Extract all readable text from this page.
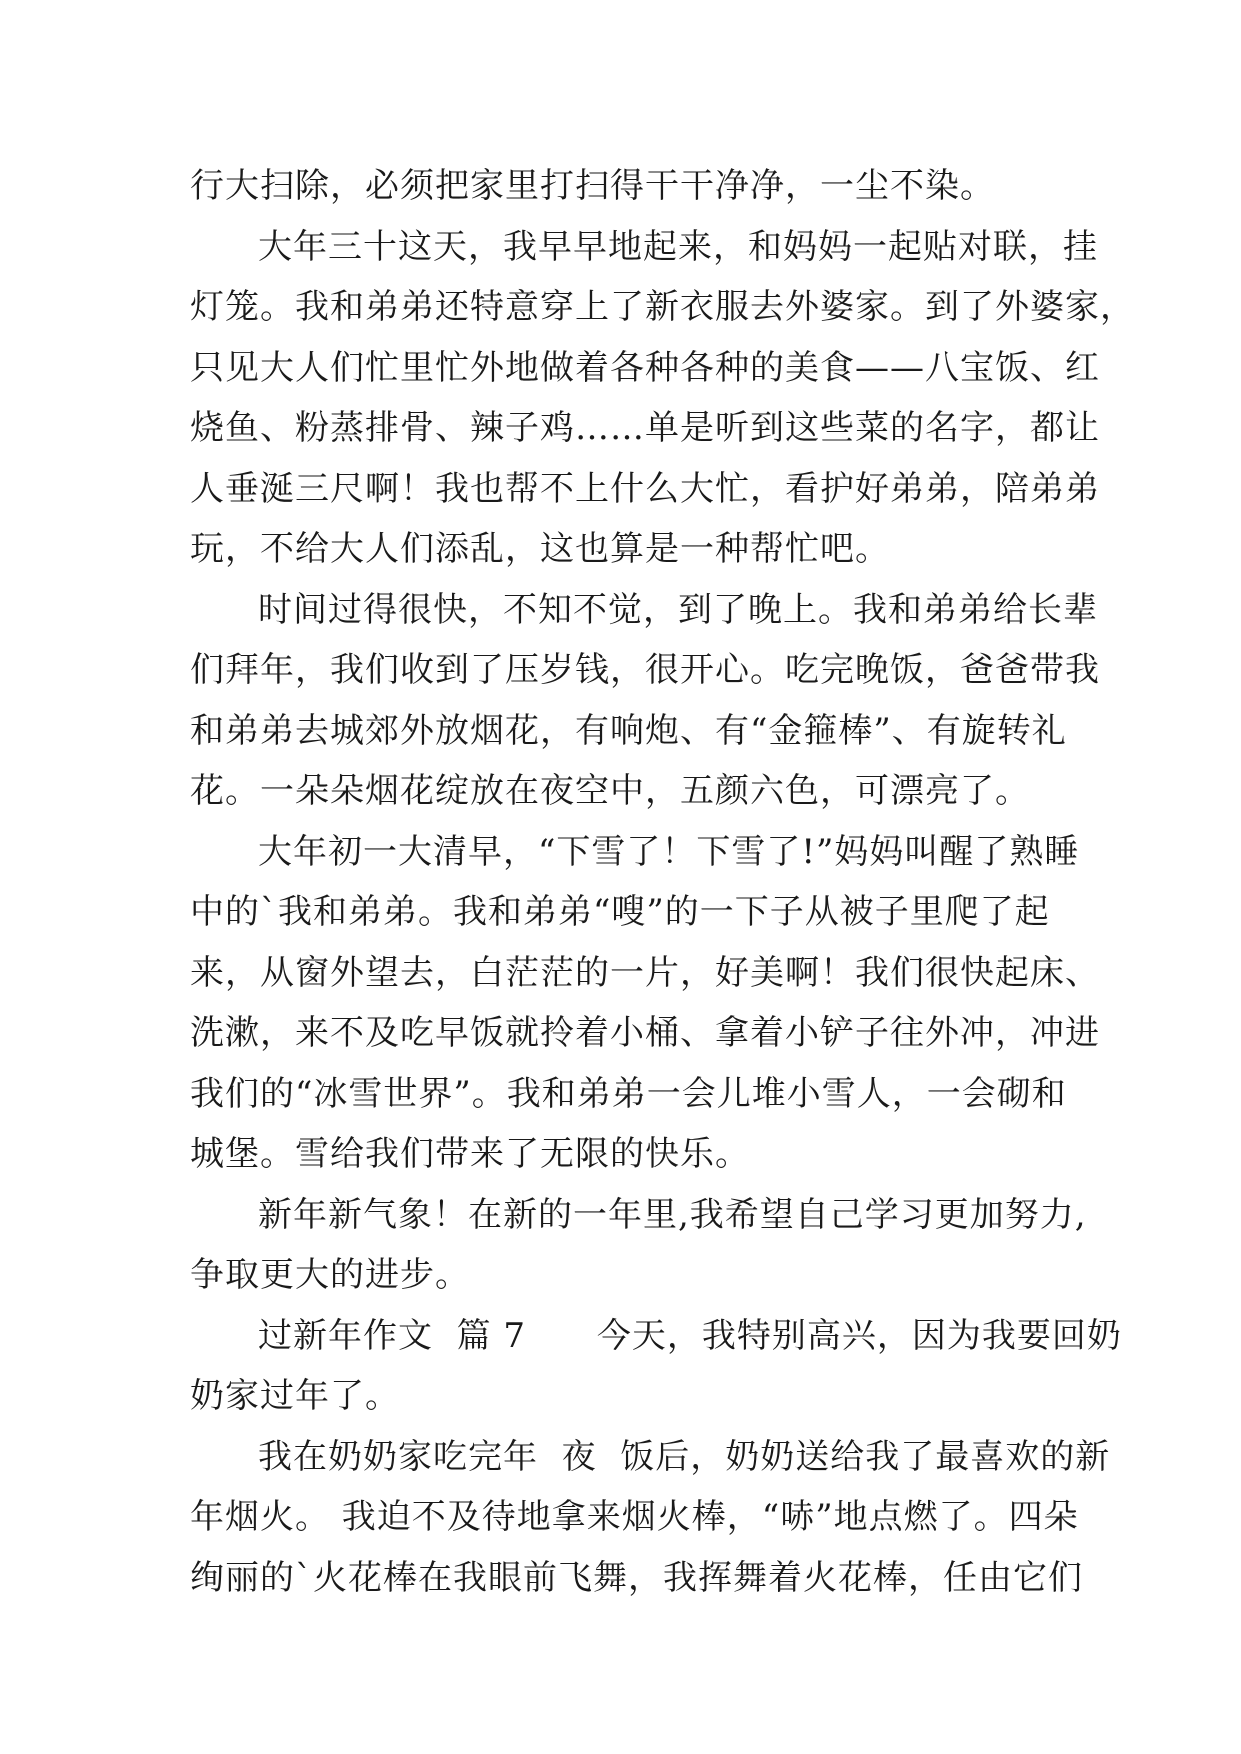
行大扫除，必须把家里打扫得干干净净，一尘不染。
大年三十这天，我早早地起来，和妈妈一起贴对联，挂
灯笼。我和弟弟还特意穿上了新衣服去外婆家。到了外婆家，
只见大人们忙里忙外地做着各种各种的美食——八宝饭、红
烧鱼、粉蒸排骨、辣子鸡……单是听到这些菜的名字，都让
人垂涎三尺啊！我也帮不上什么大忙，看护好弟弟，陪弟弟
玩，不给大人们添乱，这也算是一种帮忙吧。
时间过得很快，不知不觉，到了晚上。我和弟弟给长辈
们拜年，我们收到了压岁钱，很开心。吃完晚饭，爸爸带我
和弟弟去城郊外放烟花，有响炮、有“金箍棒”、有旋转礼
花。一朵朵烟花绽放在夜空中，五颜六色，可漂亮了。
大年初一大清早，“下雪了！下雪了!”妈妈叫醒了熟睡
中的`我和弟弟。我和弟弟“嗖”的一下子从被子里爬了起
来，从窗外望去，白茫茫的一片，好美啊！我们很快起床、
洗漱，来不及吃早饭就拎着小桶、拿着小铲子往外冲，冲进
我们的“冰雪世界”。我和弟弟一会儿堆小雪人，一会砌和
城堡。雪给我们带来了无限的快乐。
新年新气象！在新的一年里,我希望自己学习更加努力,
争取更大的进步。
过新年作文  篇 7      今天，我特别高兴，因为我要回奶
奶家过年了。
我在奶奶家吃完年  夜  饭后，奶奶送给我了最喜欢的新
年烟火。 我迫不及待地拿来烟火棒，“哧”地点燃了。四朵
绚丽的`火花棒在我眼前飞舞，我挥舞着火花棒，任由它们
